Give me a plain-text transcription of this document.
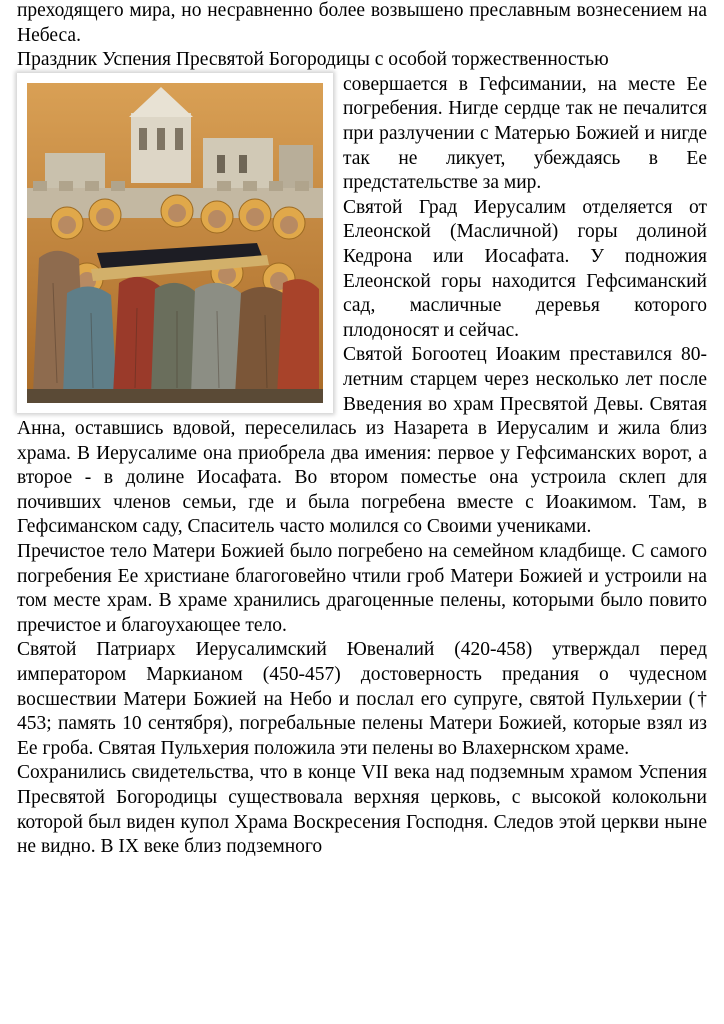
преходящего мира, но несравненно более возвышено преславным вознесением на Небеса.

Праздник Успения Пресвятой Богородицы с особой торжественностью

совершается в Гефсимании, на месте Ее погребения. Нигде сердце так не печалится при разлучении с Матерью Божией и нигде так не ликует, убеждаясь в Ее предстательстве за мир.

Святой Град Иерусалим отделяется от Елеонской (Масличной) горы долиной Кедрона или Иосафата. У подножия Елеонской горы находится Гефсиманский сад, масличные деревья которого плодоносят и сейчас.

Святой Богоотец Иоаким преставился 80-летним старцем через несколько лет после Введения во храм Пресвятой Девы. Святая Анна, оставшись вдовой, переселилась из Назарета в Иерусалим и жила близ храма. В Иерусалиме она приобрела два имения: первое у Гефсиманских ворот, а второе - в долине Иосафата. Во втором поместье она устроила склеп для почивших членов семьи, где и была погребена вместе с Иоакимом. Там, в Гефсиманском саду, Спаситель часто молился со Своими учениками.

Пречистое тело Матери Божией было погребено на семейном кладбище. С самого погребения Ее христиане благоговейно чтили гроб Матери Божией и устроили на том месте храм. В храме хранились драгоценные пелены, которыми было повито пречистое и благоухающее тело.

Святой Патриарх Иерусалимский Ювеналий (420-458) утверждал перед императором Маркианом (450-457) достоверность предания о чудесном восшествии Матери Божией на Небо и послал его супруге, святой Пульхерии († 453; память 10 сентября), погребальные пелены Матери Божией, которые взял из Ее гроба. Святая Пульхерия положила эти пелены во Влахернском храме.

Сохранились свидетельства, что в конце VII века над подземным храмом Успения Пресвятой Богородицы существовала верхняя церковь, с высокой колокольни которой был виден купол Храма Воскресения Господня. Следов этой церкви ныне не видно. В IX веке близ подземного
